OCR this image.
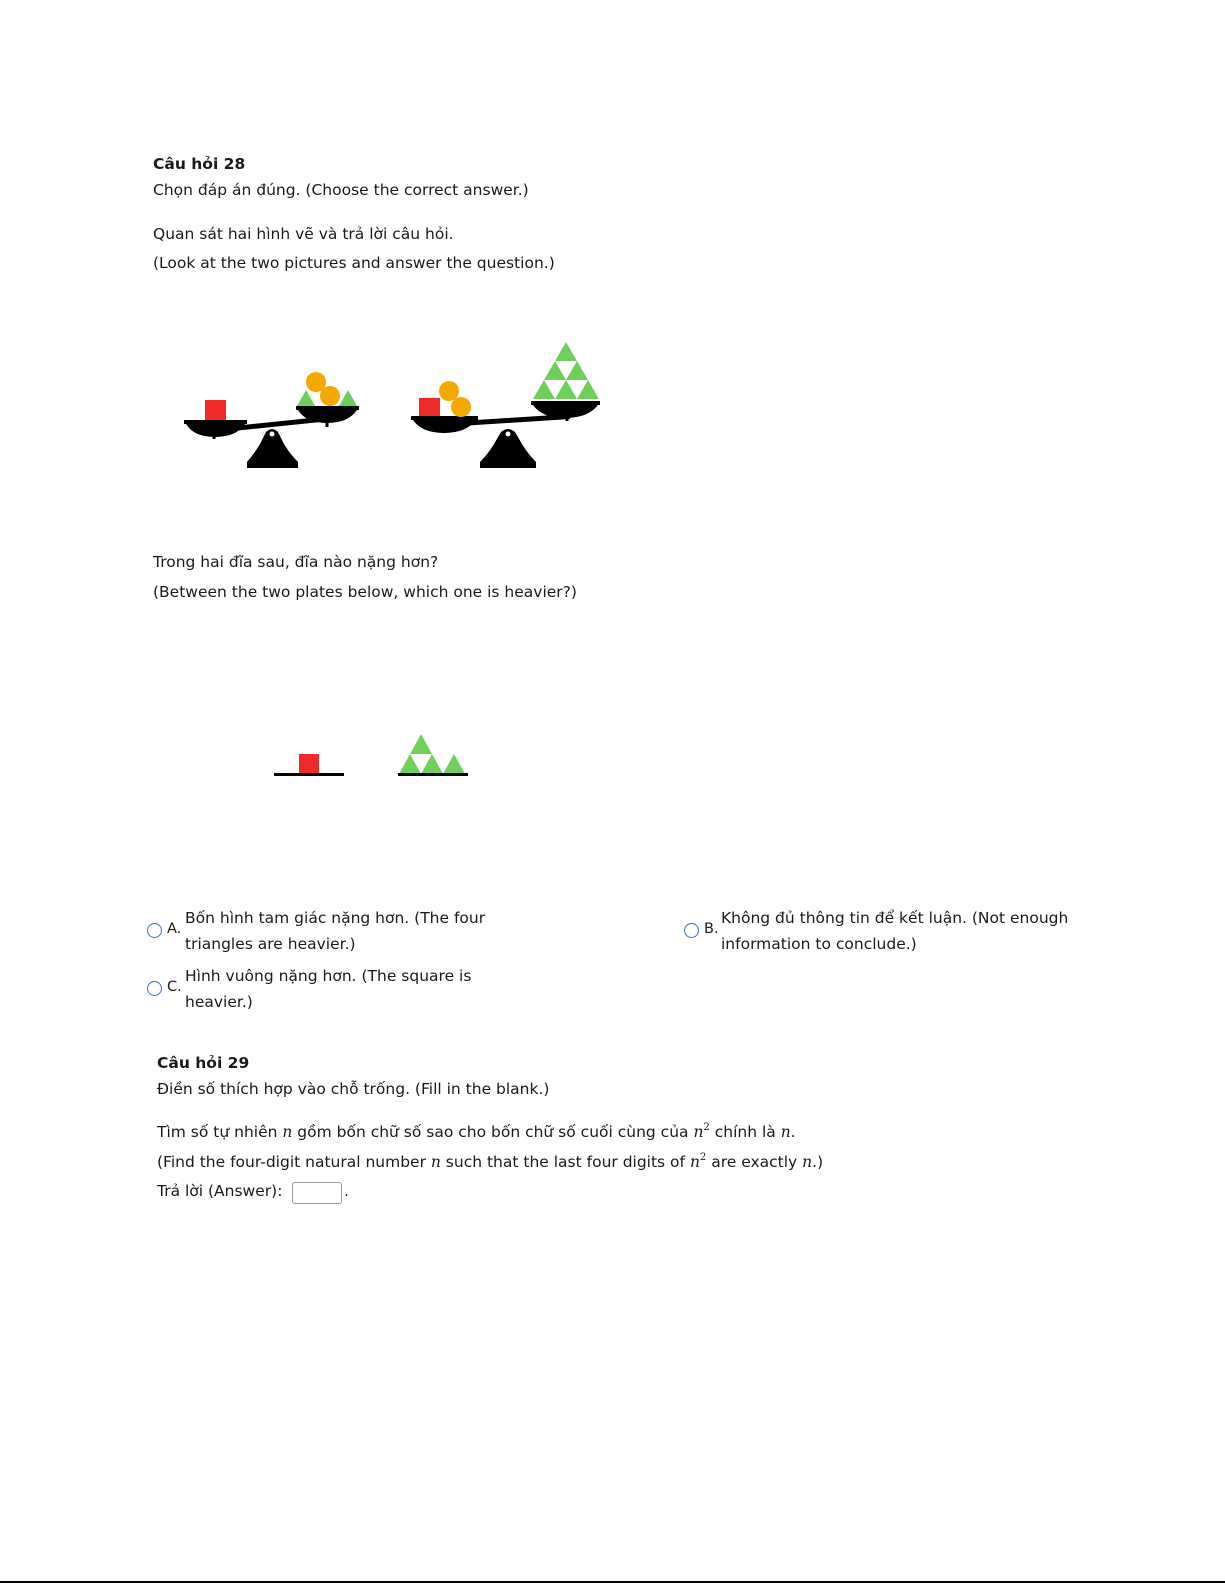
Câu hỏi 28
Chọn đáp án đúng. (Choose the correct answer.)
Quan sát hai hình vẽ và trả lời câu hỏi.
(Look at the two pictures and answer the question.)
Trong hai đĩa sau, đĩa nào nặng hơn?
(Between the two plates below, which one is heavier?)
A.
Bốn hình tam giác nặng hơn. (The four triangles are heavier.)
B.
Không đủ thông tin để kết luận. (Not enough information to conclude.)
C.
Hình vuông nặng hơn. (The square is heavier.)
Câu hỏi 29
Điền số thích hợp vào chỗ trống. (Fill in the blank.)
Tìm số tự nhiên n gồm bốn chữ số sao cho bốn chữ số cuối cùng của $n^2$ chính là n.
(Find the four-digit natural number n such that the last four digits of $n^2$ are exactly n.)
Trả lời (Answer):	.
